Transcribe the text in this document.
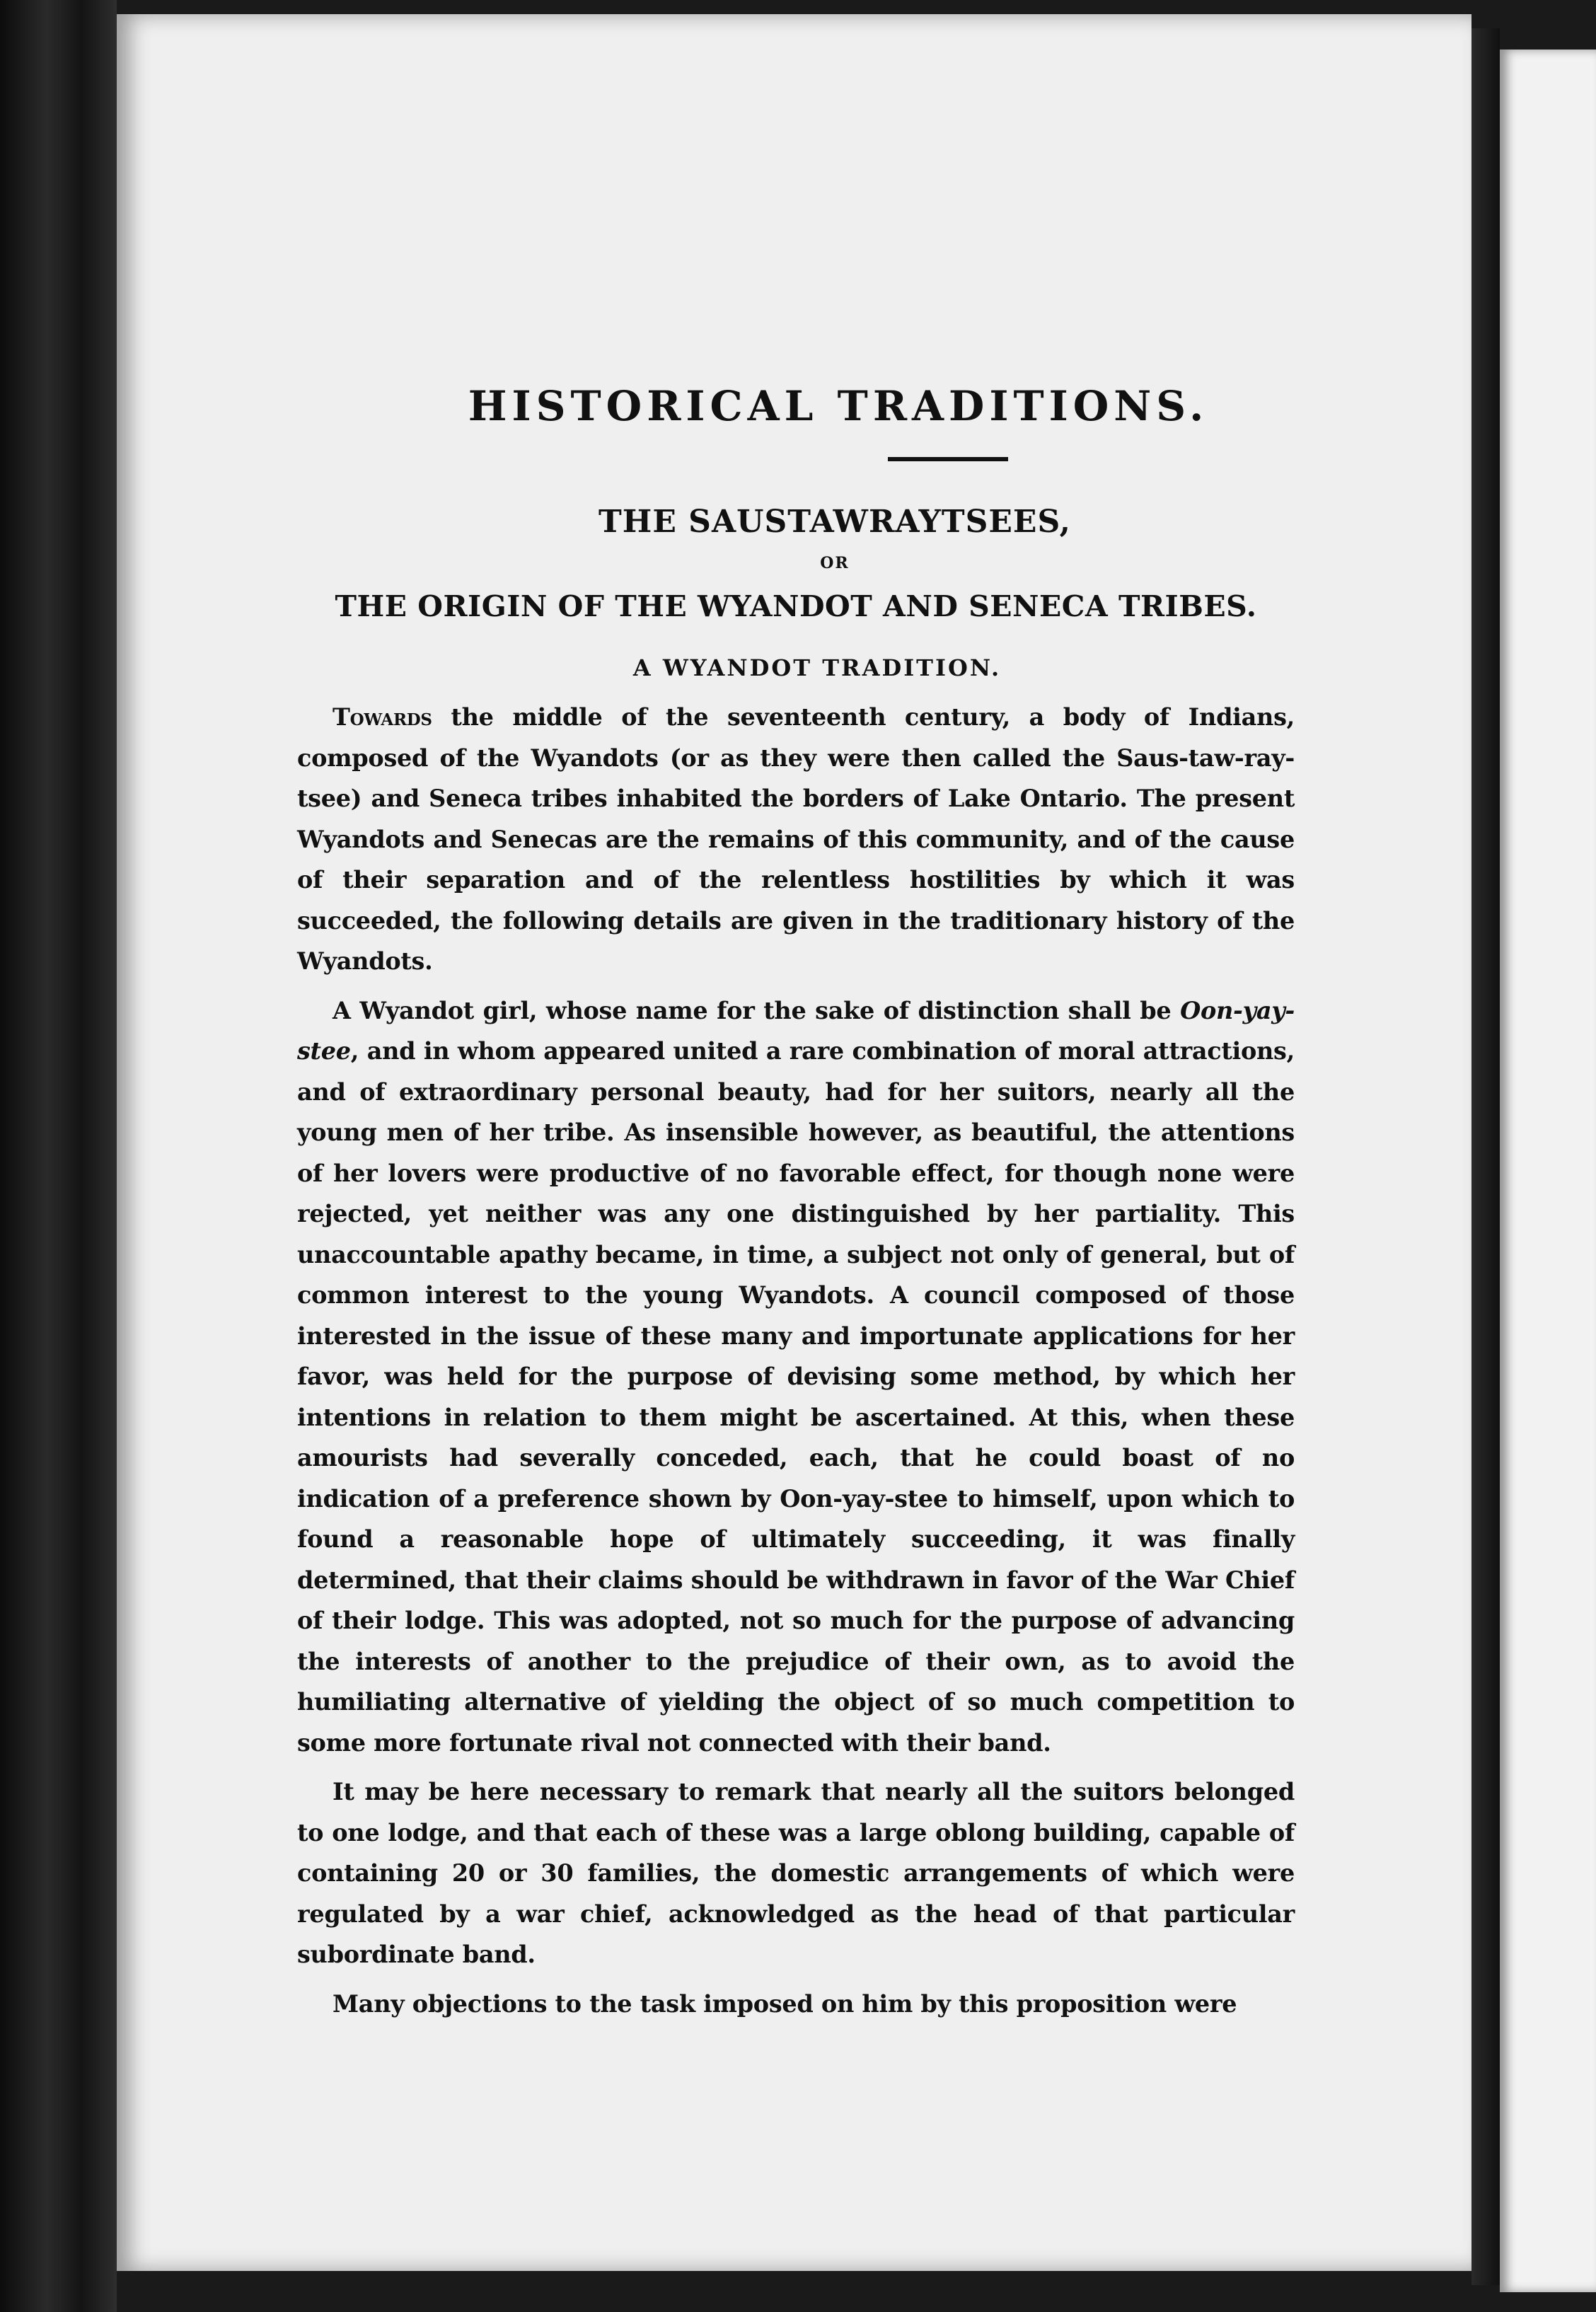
HISTORICAL TRADITIONS.
THE SAUSTAWRAYTSEES,
OR
THE ORIGIN OF THE WYANDOT AND SENECA TRIBES.
A WYANDOT TRADITION.

Towards the middle of the seventeenth century, a body of Indians, composed of the Wyandots (or as they were then called the Saus-taw-ray-tsee) and Seneca tribes inhabited the borders of Lake Ontario. The present Wyandots and Senecas are the remains of this community, and of the cause of their separation and of the relentless hostilities by which it was succeeded, the following details are given in the traditionary history of the Wyandots.

A Wyandot girl, whose name for the sake of distinction shall be Oon-yay-stee, and in whom appeared united a rare combination of moral attractions, and of extraordinary personal beauty, had for her suitors, nearly all the young men of her tribe. As insensible however, as beautiful, the attentions of her lovers were productive of no favorable effect, for though none were rejected, yet neither was any one distinguished by her partiality. This unaccountable apathy became, in time, a subject not only of general, but of common interest to the young Wyandots. A council composed of those interested in the issue of these many and importunate applications for her favor, was held for the purpose of devising some method, by which her intentions in relation to them might be ascertained. At this, when these amourists had severally conceded, each, that he could boast of no indication of a preference shown by Oon-yay-stee to himself, upon which to found a reasonable hope of ultimately succeeding, it was finally determined, that their claims should be withdrawn in favor of the War Chief of their lodge. This was adopted, not so much for the purpose of advancing the interests of another to the prejudice of their own, as to avoid the humiliating alternative of yielding the object of so much competition to some more fortunate rival not connected with their band.

It may be here necessary to remark that nearly all the suitors belonged to one lodge, and that each of these was a large oblong building, capable of containing 20 or 30 families, the domestic arrangements of which were regulated by a war chief, acknowledged as the head of that particular subordinate band.

Many objections to the task imposed on him by this proposition were
